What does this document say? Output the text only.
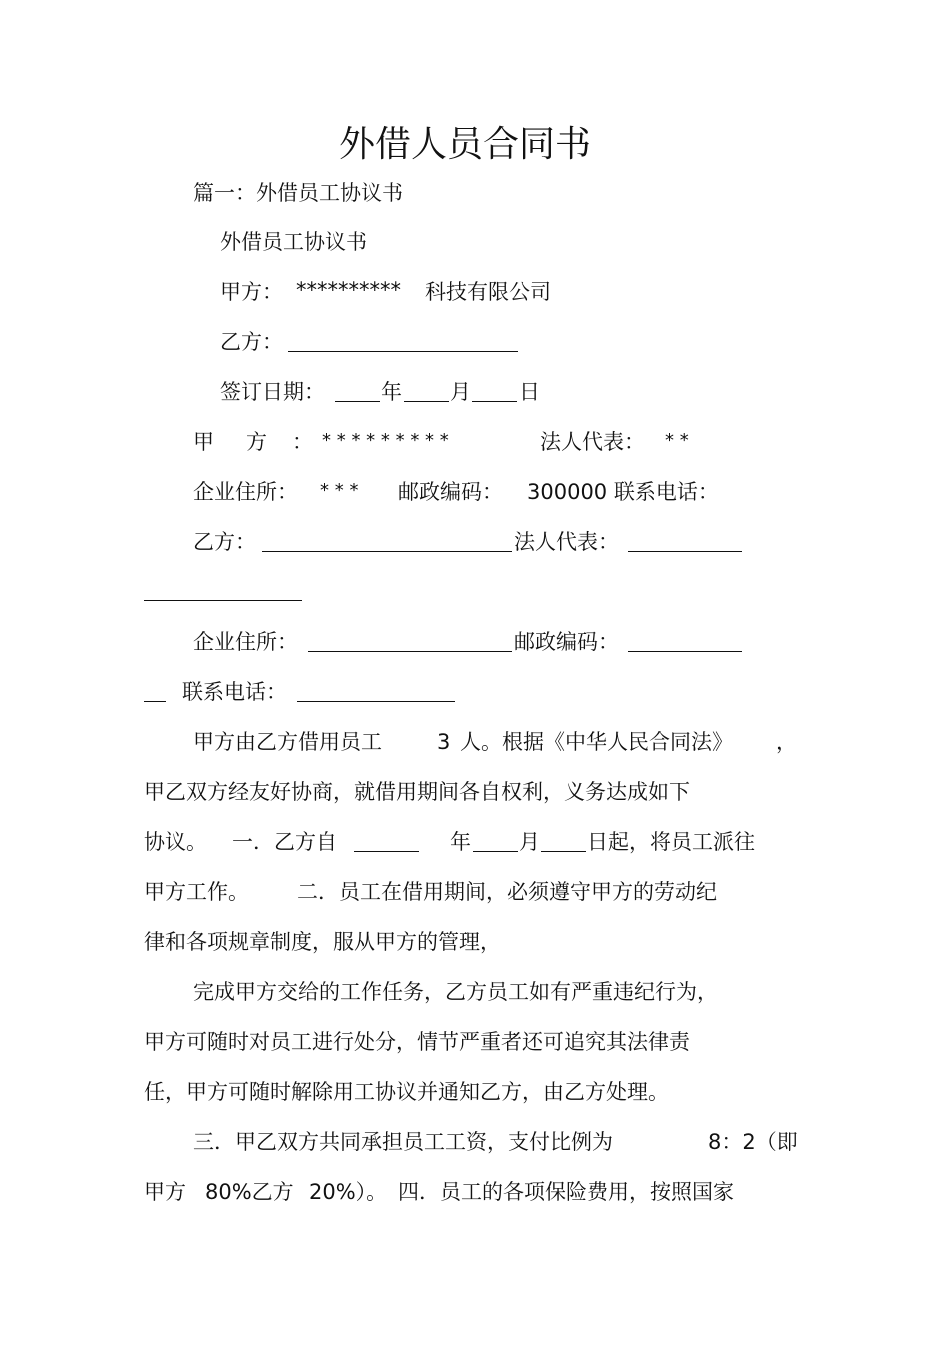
外借人员合同书
篇一：外借员工协议书
外借员工协议书
甲方： ********** 科技有限公司
乙方：
签订日期：	年 月 日
甲 方 ： * * * * * * * * *	法人代表： * *
企业住所： * * * 邮政编码： 300000 联系电话：
乙方：	法人代表：
企业住所：	邮政编码：
联系电话：
甲方由乙方借用员工	3 人。根据《中华人民合同法》 ，
甲乙双方经友好协商，就借用期间各自权利，义务达成如下
协议。 一．乙方自	年 月 日起，将员工派往
甲方工作。 二．员工在借用期间，必须遵守甲方的劳动纪
律和各项规章制度，服从甲方的管理，
完成甲方交给的工作任务，乙方员工如有严重违纪行为，
甲方可随时对员工进行处分，情节严重者还可追究其法律责
任，甲方可随时解除用工协议并通知乙方，由乙方处理。
三．甲乙双方共同承担员工工资，支付比例为	8：2（即
甲方 80%乙方 20%）。 四．员工的各项保险费用，按照国家
